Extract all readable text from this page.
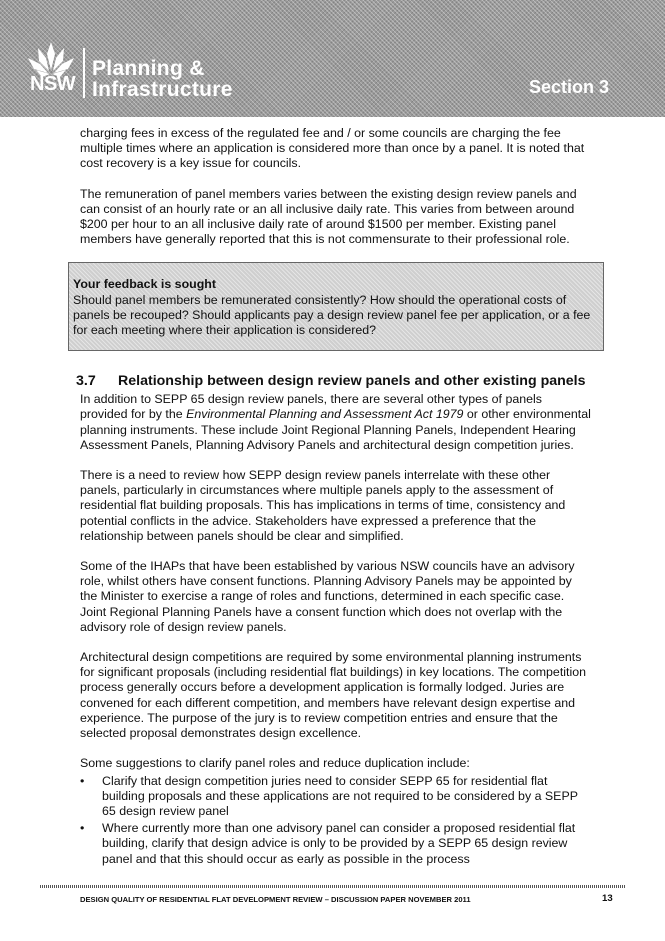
NSW
Planning &
Infrastructure	Section 3

charging fees in excess of the regulated fee and / or some councils are charging the fee multiple times where an application is considered more than once by a panel. It is noted that cost recovery is a key issue for councils.

The remuneration of panel members varies between the existing design review panels and can consist of an hourly rate or an all inclusive daily rate. This varies from between around $200 per hour to an all inclusive daily rate of around $1500 per member. Existing panel members have generally reported that this is not commensurate to their professional role.

Your feedback is sought
Should panel members be remunerated consistently? How should the operational costs of panels be recouped? Should applicants pay a design review panel fee per application, or a fee for each meeting where their application is considered?
3.7 Relationship between design review panels and other existing panels

In addition to SEPP 65 design review panels, there are several other types of panels provided for by the Environmental Planning and Assessment Act 1979 or other environmental planning instruments. These include Joint Regional Planning Panels, Independent Hearing Assessment Panels, Planning Advisory Panels and architectural design competition juries.

There is a need to review how SEPP design review panels interrelate with these other panels, particularly in circumstances where multiple panels apply to the assessment of residential flat building proposals. This has implications in terms of time, consistency and potential conflicts in the advice. Stakeholders have expressed a preference that the relationship between panels should be clear and simplified.

Some of the IHAPs that have been established by various NSW councils have an advisory role, whilst others have consent functions. Planning Advisory Panels may be appointed by the Minister to exercise a range of roles and functions, determined in each specific case. Joint Regional Planning Panels have a consent function which does not overlap with the advisory role of design review panels.

Architectural design competitions are required by some environmental planning instruments for significant proposals (including residential flat buildings) in key locations. The competition process generally occurs before a development application is formally lodged. Juries are convened for each different competition, and members have relevant design expertise and experience. The purpose of the jury is to review competition entries and ensure that the selected proposal demonstrates design excellence.

Some suggestions to clarify panel roles and reduce duplication include:

• Clarify that design competition juries need to consider SEPP 65 for residential flat building proposals and these applications are not required to be considered by a SEPP 65 design review panel
• Where currently more than one advisory panel can consider a proposed residential flat building, clarify that design advice is only to be provided by a SEPP 65 design review panel and that this should occur as early as possible in the process
DESIGN QUALITY OF RESIDENTIAL FLAT DEVELOPMENT REVIEW – DISCUSSION PAPER NOVEMBER 2011	13
